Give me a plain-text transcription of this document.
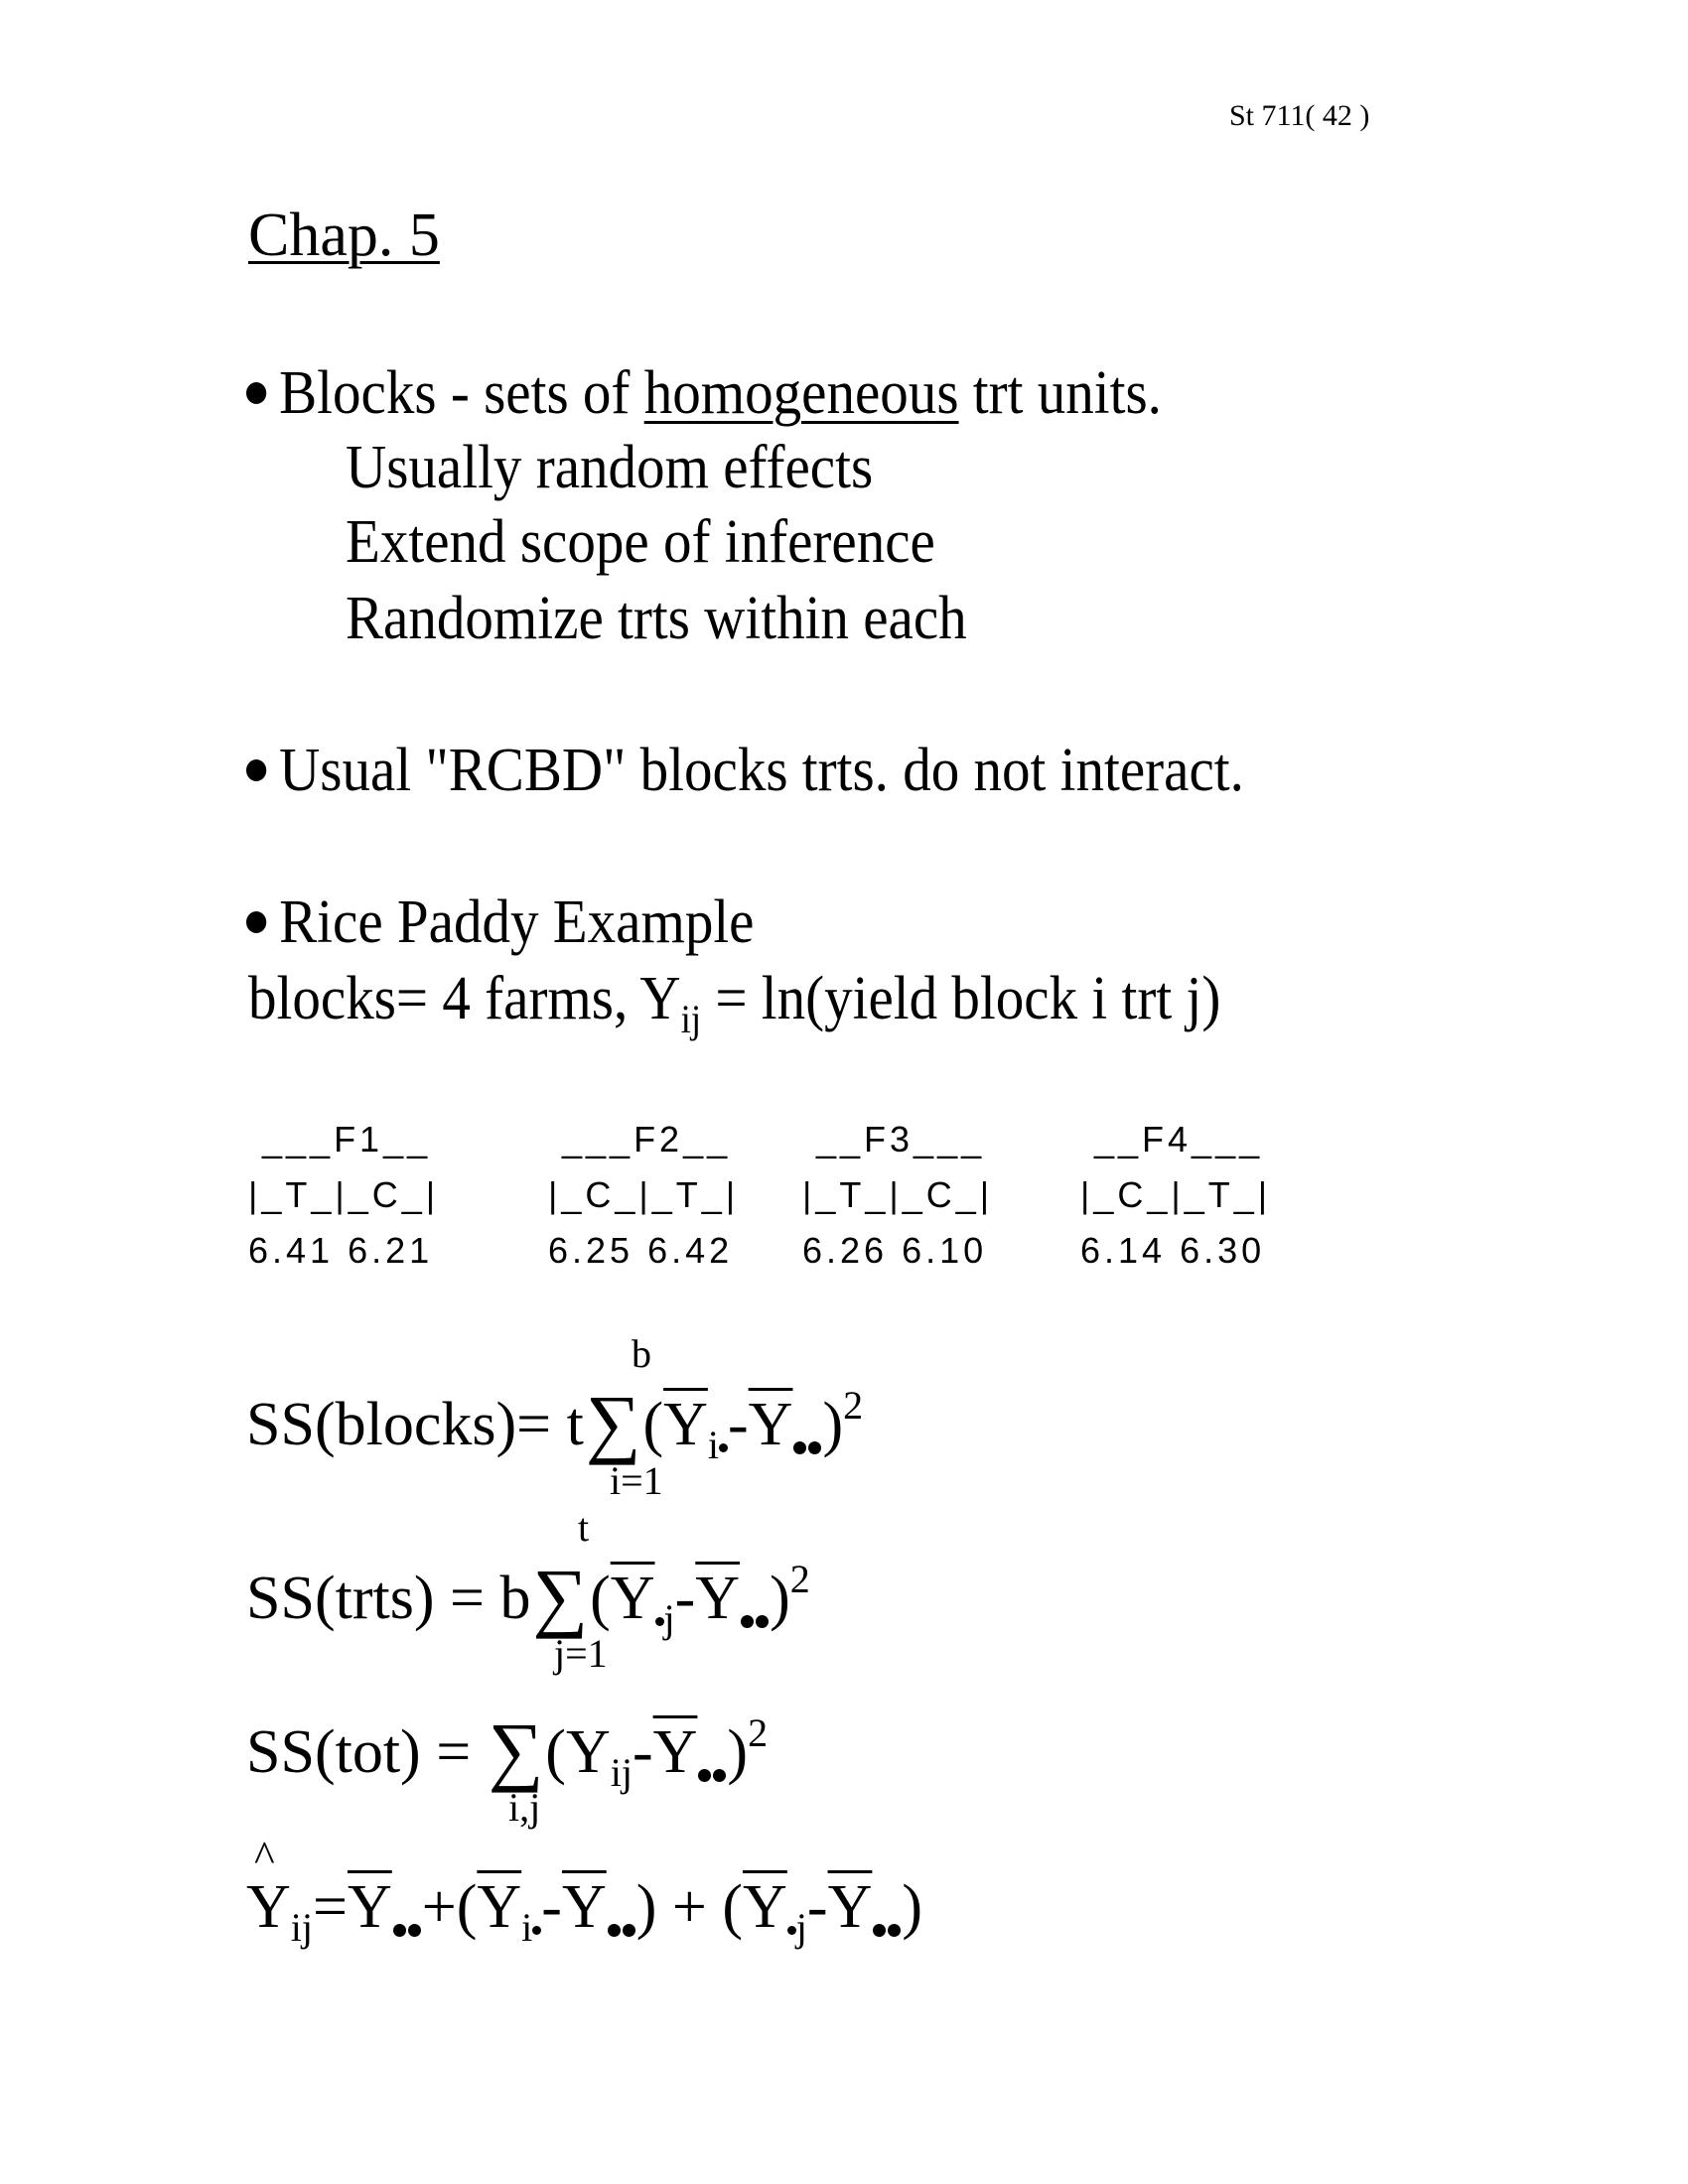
St 711( 42 )
Chap. 5
Blocks - sets of homogeneous trt units.
Usually random effects
Extend scope of inference
Randomize trts within each
Usual "RCBD" blocks trts. do not interact.
Rice Paddy Example
blocks= 4 farms, $Y_{ij}$ = ln(yield block i trt j)
___F1__
|_T_|_C_|
6.41 6.21
___F2__
|_C_|_T_|
6.25 6.42
__F3___
|_T_|_C_|
6.26 6.10
__F4___
|_C_|_T_|
6.14 6.30
SS(blocks)= $t\sum(\overline{Y}_i$ $-\overline{Y}$ )$^2$
b
i=1
SS(trts) = $b\sum(\overline{Y}$ $_j-\overline{Y}$ )$^2$
t
j=1
$SS(tot) = \sum(Y_{ij}-\overline{Y}$ )$^2$
i,j
^
$Y_{ij}=\overline{Y} +(\overline{Y}_i$ $-\overline{Y}$ ) + ($\overline{Y}$ $_j-\overline{Y}$ )
